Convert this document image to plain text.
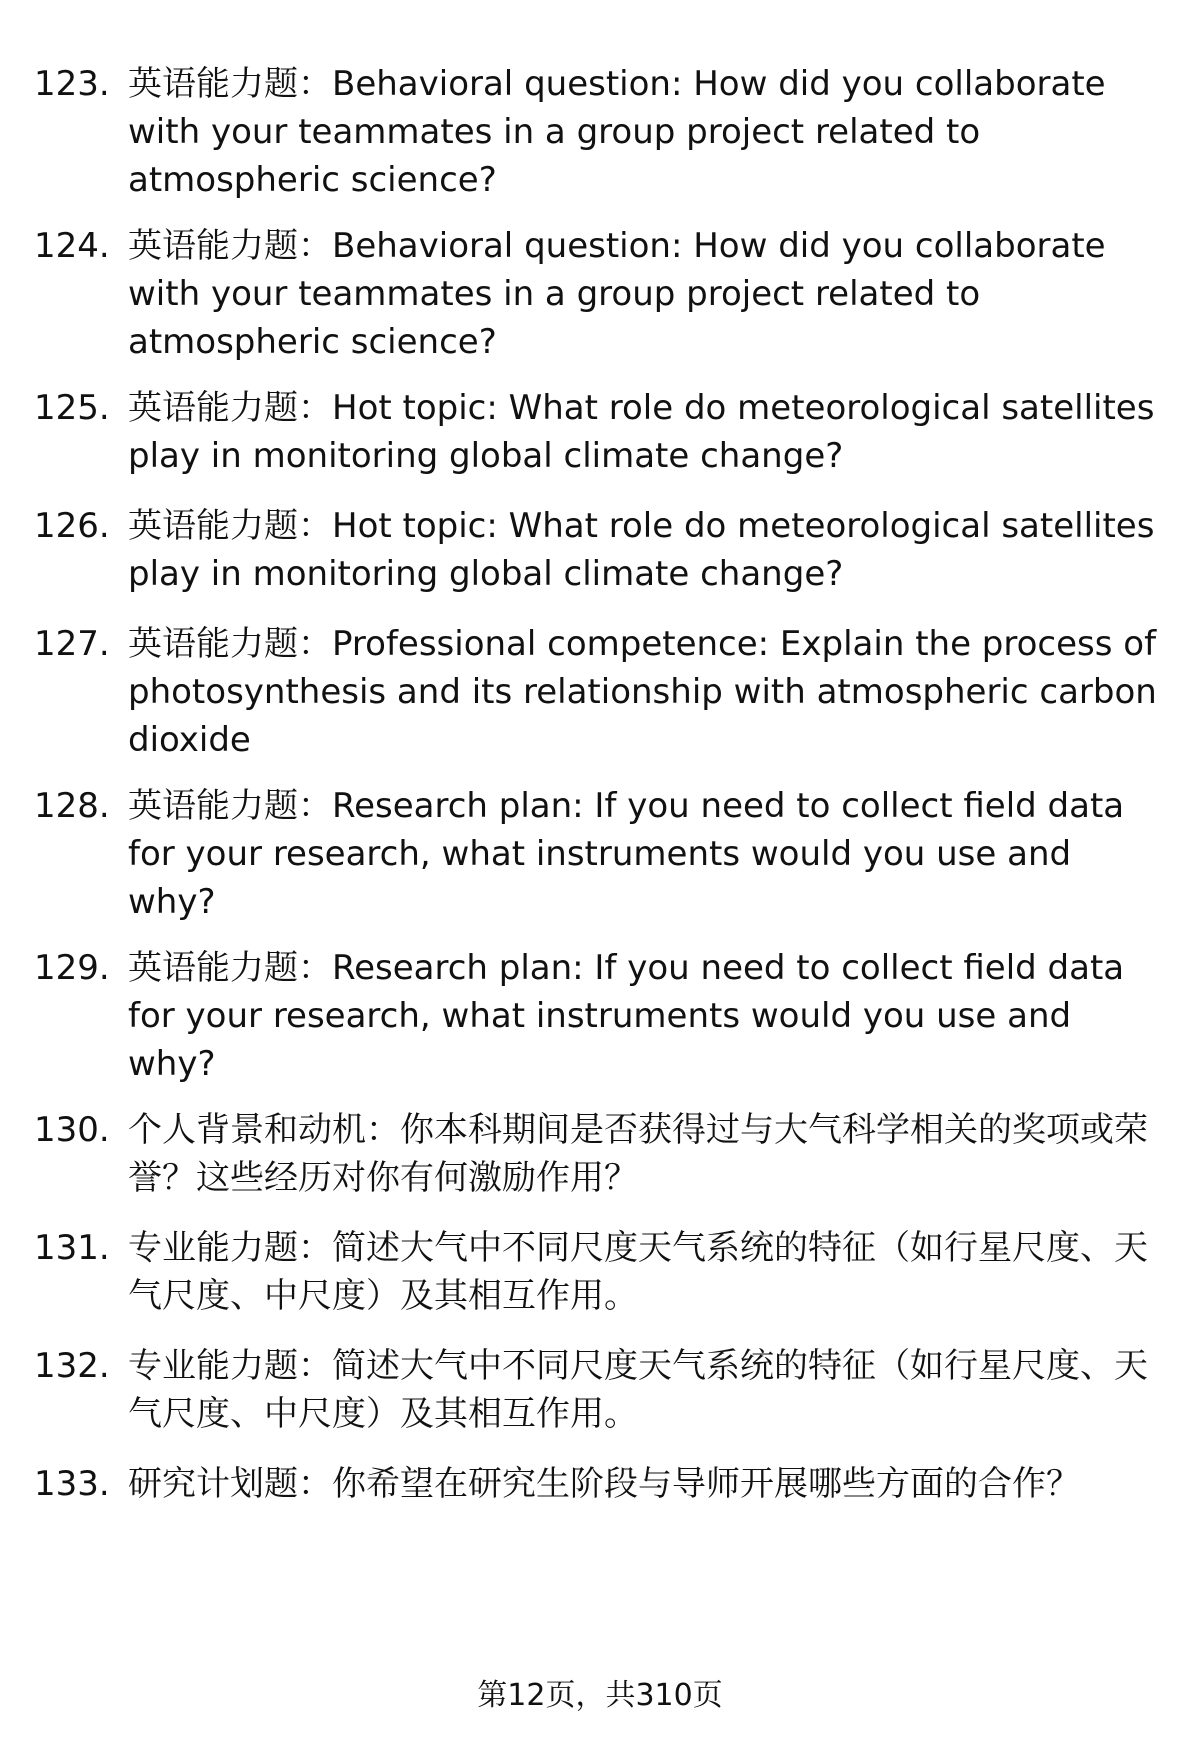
123. 英语能力题：Behavioral question: How did you collaborate with your teammates in a group project related to atmospheric science?
124. 英语能力题：Behavioral question: How did you collaborate with your teammates in a group project related to atmospheric science?
125. 英语能力题：Hot topic: What role do meteorological satellites play in monitoring global climate change?
126. 英语能力题：Hot topic: What role do meteorological satellites play in monitoring global climate change?
127. 英语能力题：Professional competence: Explain the process of photosynthesis and its relationship with atmospheric carbon dioxide
128. 英语能力题：Research plan: If you need to collect field data for your research, what instruments would you use and why?
129. 英语能力题：Research plan: If you need to collect field data for your research, what instruments would you use and why?
130. 个人背景和动机：你本科期间是否获得过与大气科学相关的奖项或荣誉？这些经历对你有何激励作用？
131. 专业能力题：简述大气中不同尺度天气系统的特征（如行星尺度、天气尺度、中尺度）及其相互作用。
132. 专业能力题：简述大气中不同尺度天气系统的特征（如行星尺度、天气尺度、中尺度）及其相互作用。
133. 研究计划题：你希望在研究生阶段与导师开展哪些方面的合作？
第12页，共310页
